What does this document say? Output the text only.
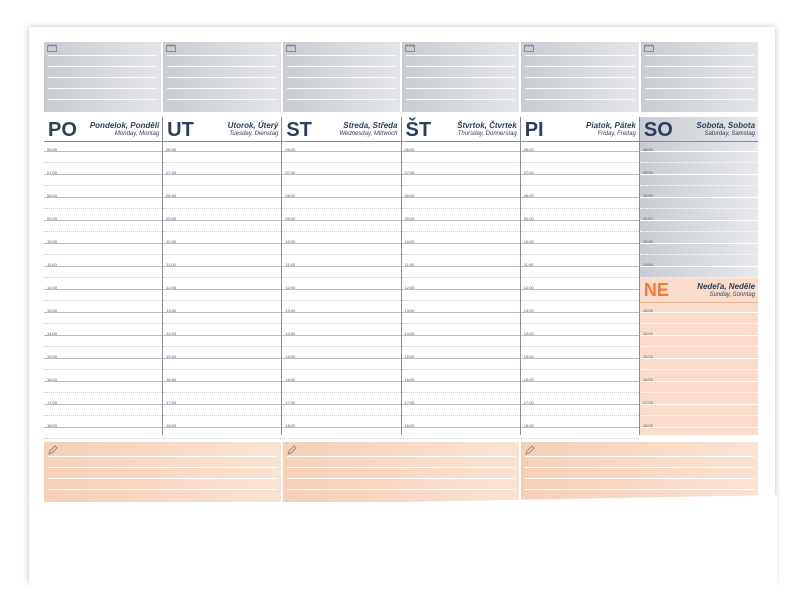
PO Pondelok, Pondělí
Monday, Montag
06:00
07:00
08:00
09:00
10:00
11:00
12:00
13:00
14:00
15:00
16:00
17:00
18:00
UT	Utorok, Úterý
Tuesday, Dienstag
06:00
07:00
08:00
09:00
10:00
11:00
12:00
13:00
14:00
15:00
16:00
17:00
18:00
ST	Streda, Středa
Wednesday, Mittwoch
06:00
07:00
08:00
09:00
10:00
11:00
12:00
13:00
14:00
15:00
16:00
17:00
18:00
ŠT	Štvrtok, Čtvrtek
Thursday, Donnerstag
06:00
07:00
08:00
09:00
10:00
11:00
12:00
13:00
14:00
15:00
16:00
17:00
18:00
PI	Piatok, Pátek
Friday, Freitag
06:00
07:00
08:00
09:00
10:00
11:00
12:00
13:00
14:00
15:00
16:00
17:00
18:00
SO	Sobota, Sobota
Saturday, Samstag
08:00
09:00
10:00
11:00
12:00
13:00
NE	Nedeľa, Neděle
Sunday, Sonntag
13:00
14:00
15:00
16:00
17:00
18:00
